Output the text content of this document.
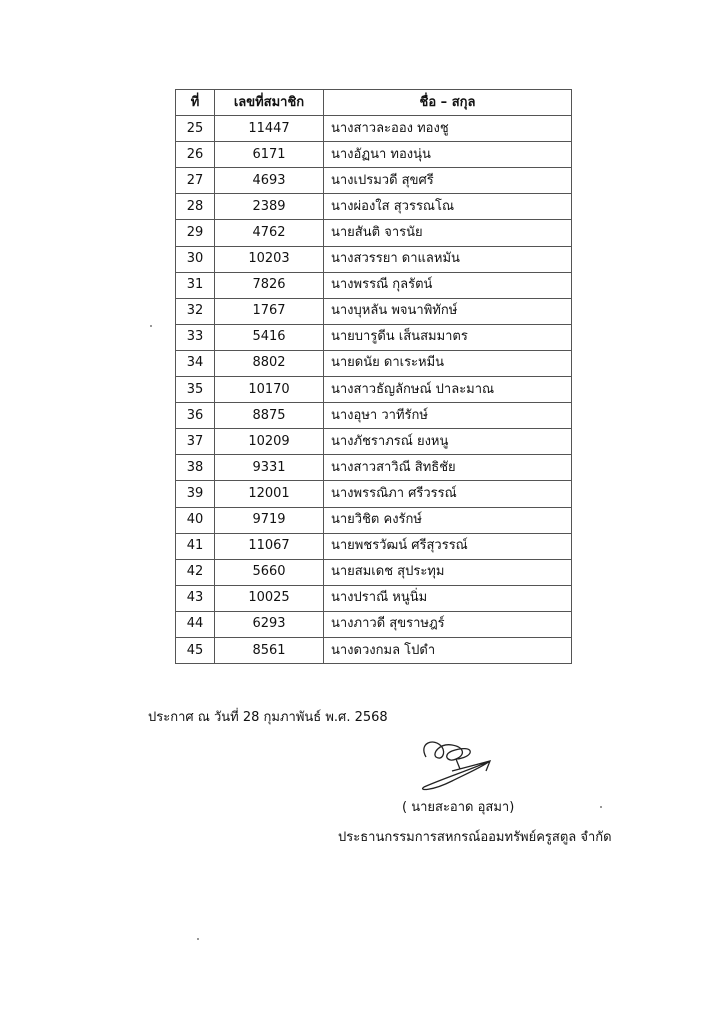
ที่	เลขที่สมาชิก	ชื่อ – สกุล
25	11447	นางสาวละออง ทองชู
26	6171	นางอัฏนา ทองนุ่น
27	4693	นางเปรมวดี สุขศรี
28	2389	นางผ่องใส สุวรรณโณ
29	4762	นายสันติ จารนัย
30	10203	นางสวรรยา ดาแลหมัน
31	7826	นางพรรณี กุลรัตน์
32	1767	นางบุหลัน พจนาพิทักษ์
33	5416	นายบารูดีน เส็นสมมาตร
34	8802	นายดนัย ดาเระหมีน
35	10170	นางสาวธัญลักษณ์ ปาละมาณ
36	8875	นางอุษา วาทีรักษ์
37	10209	นางภัชราภรณ์ ยงหนู
38	9331	นางสาวสาวิณี สิทธิชัย
39	12001	นางพรรณิภา ศรีวรรณ์
40	9719	นายวิชิต คงรักษ์
41	11067	นายพชรวัฒน์ ศรีสุวรรณ์
42	5660	นายสมเดช สุประทุม
43	10025	นางปราณี หนูนิ่ม
44	6293	นางภาวดี สุขราษฎร์
45	8561	นางดวงกมล โปดำ
ประกาศ ณ วันที่ 28 กุมภาพันธ์ พ.ศ. 2568
( นายสะอาด อุสมา)
ประธานกรรมการสหกรณ์ออมทรัพย์ครูสตูล จำกัด
